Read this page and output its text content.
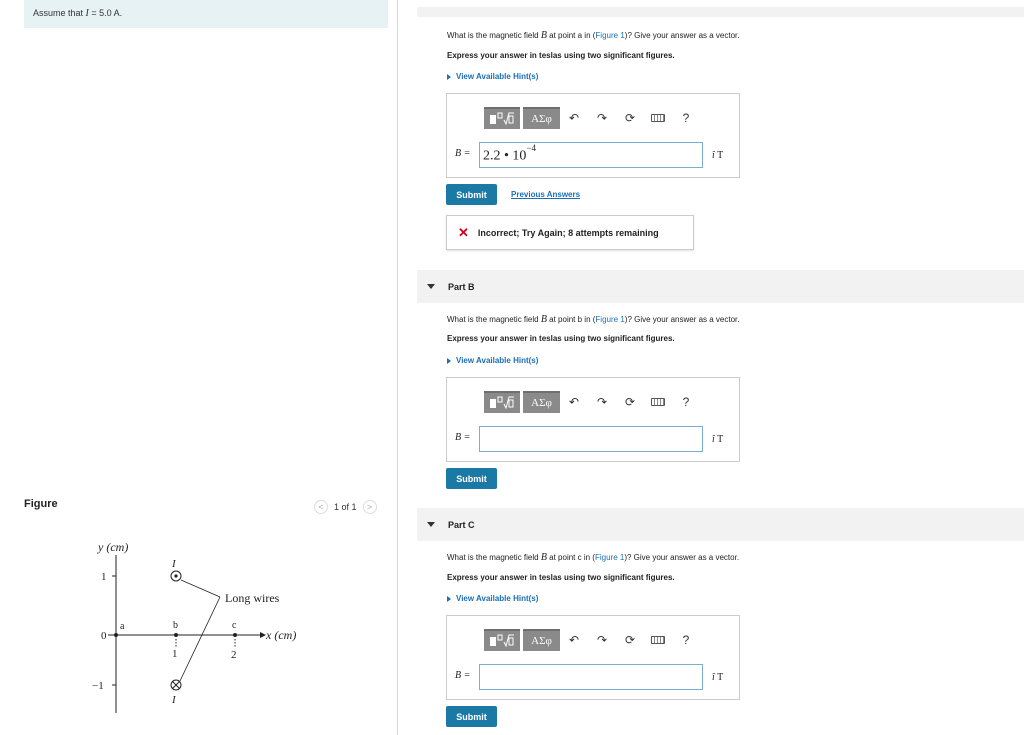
Assume that I = 5.0 A.
Figure	<	1 of 1	>
y (cm)
x (cm)
1
0
−1
1	2
a	b	c
I
I
Long wires
What is the magnetic field B at point a in (Figure 1)? Give your answer as a vector.
Express your answer in teslas using two significant figures.
View Available Hint(s)
ΑΣφ	↶	↷	⟳	?
B = 2.2 • $10^{-4}$
î T
Submit	Previous Answers
✕ Incorrect; Try Again; 8 attempts remaining
Part B
What is the magnetic field B at point b in (Figure 1)? Give your answer as a vector.
Express your answer in teslas using two significant figures.
View Available Hint(s)
ΑΣφ	↶	↷	⟳	?
B =	î T
Submit
Part C
What is the magnetic field B at point c in (Figure 1)? Give your answer as a vector.
Express your answer in teslas using two significant figures.
View Available Hint(s)
ΑΣφ	↶	↷	⟳	?
B =	î T
Submit
